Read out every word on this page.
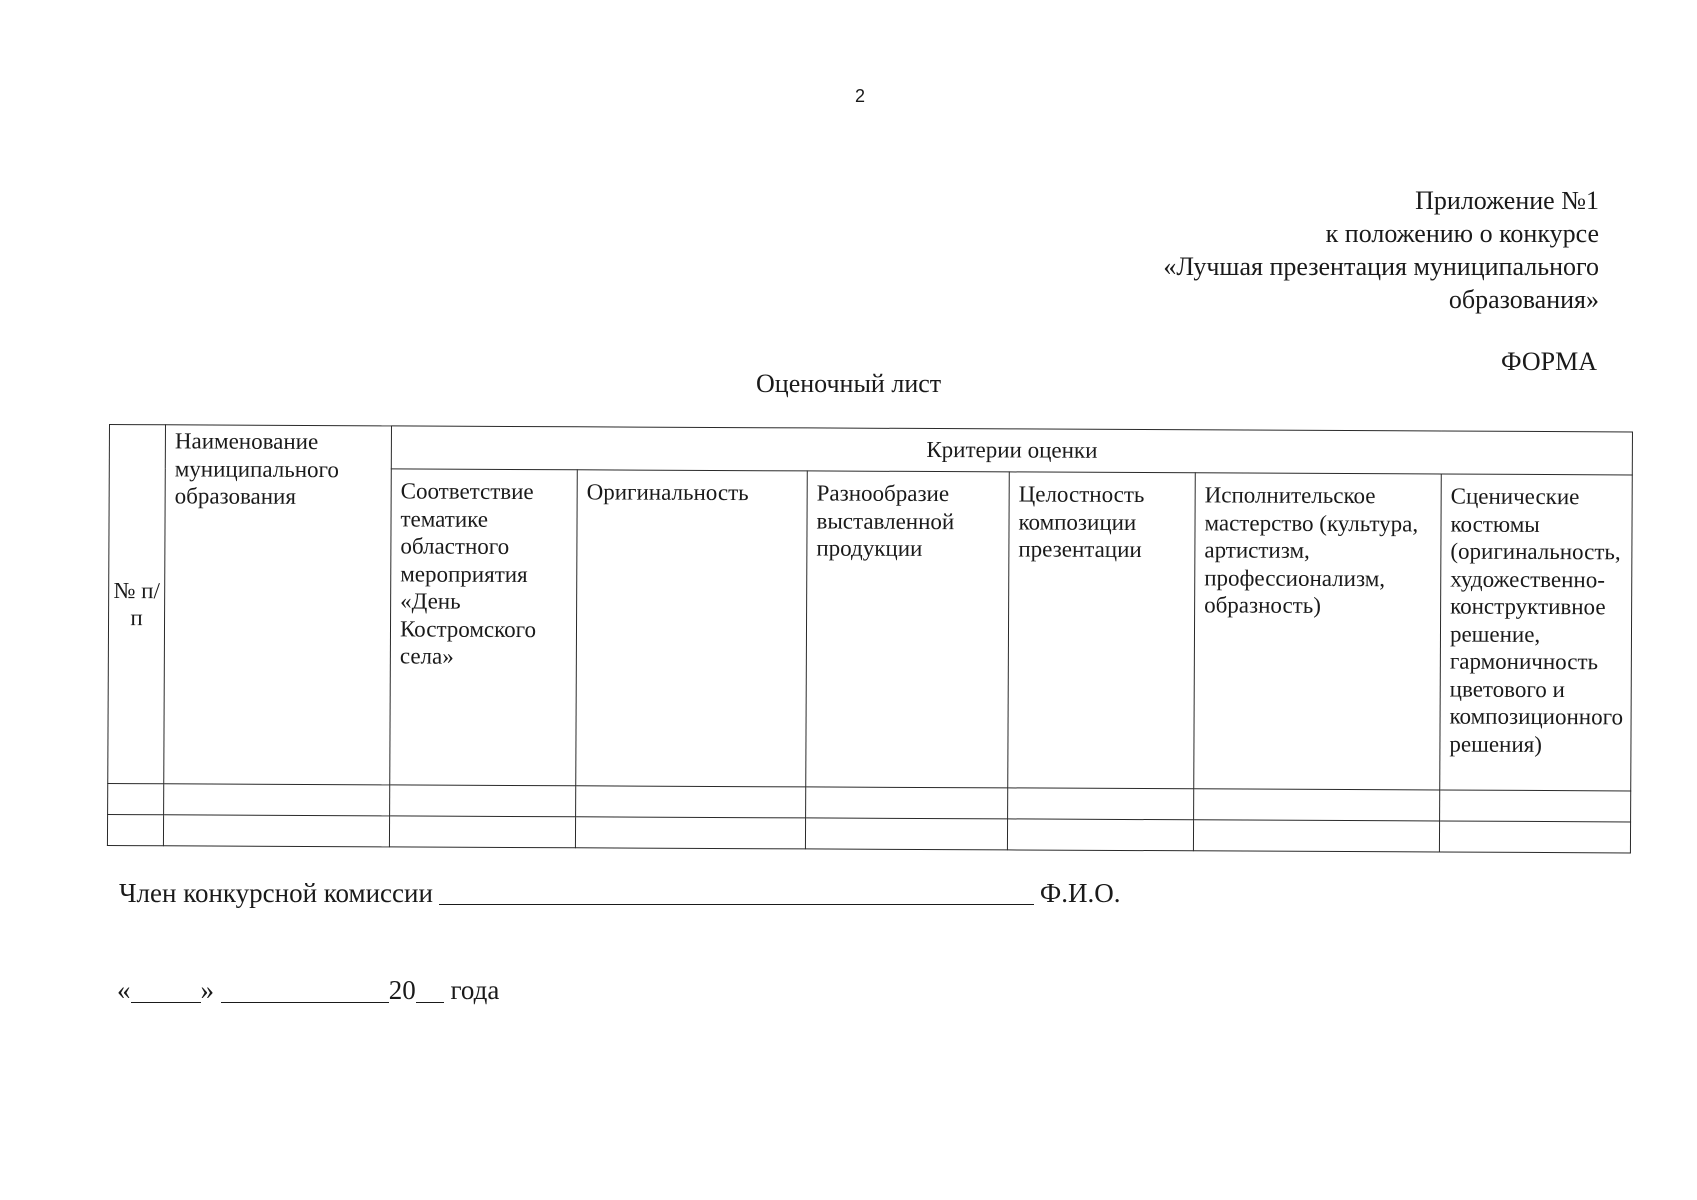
2
Приложение №1
к положению о конкурсе
«Лучшая презентация муниципального
образования»
ФОРМА
Оценочный лист
№ п/п	Наименование муниципального образования	Критерии оценки					
		Соответствие тематике областного мероприятия «День Костромского села»	Оригинальность	Разнообразие выставленной продукции	Целостность композиции презентации	Исполнительское мастерство (культура, артистизм, профессионализм, образность)	Сценические костюмы (оригинальность, художественно-конструктивное решение, гармоничность цветового и композиционного решения)

Член конкурсной комиссии	Ф.И.О.
«	»	20 года
